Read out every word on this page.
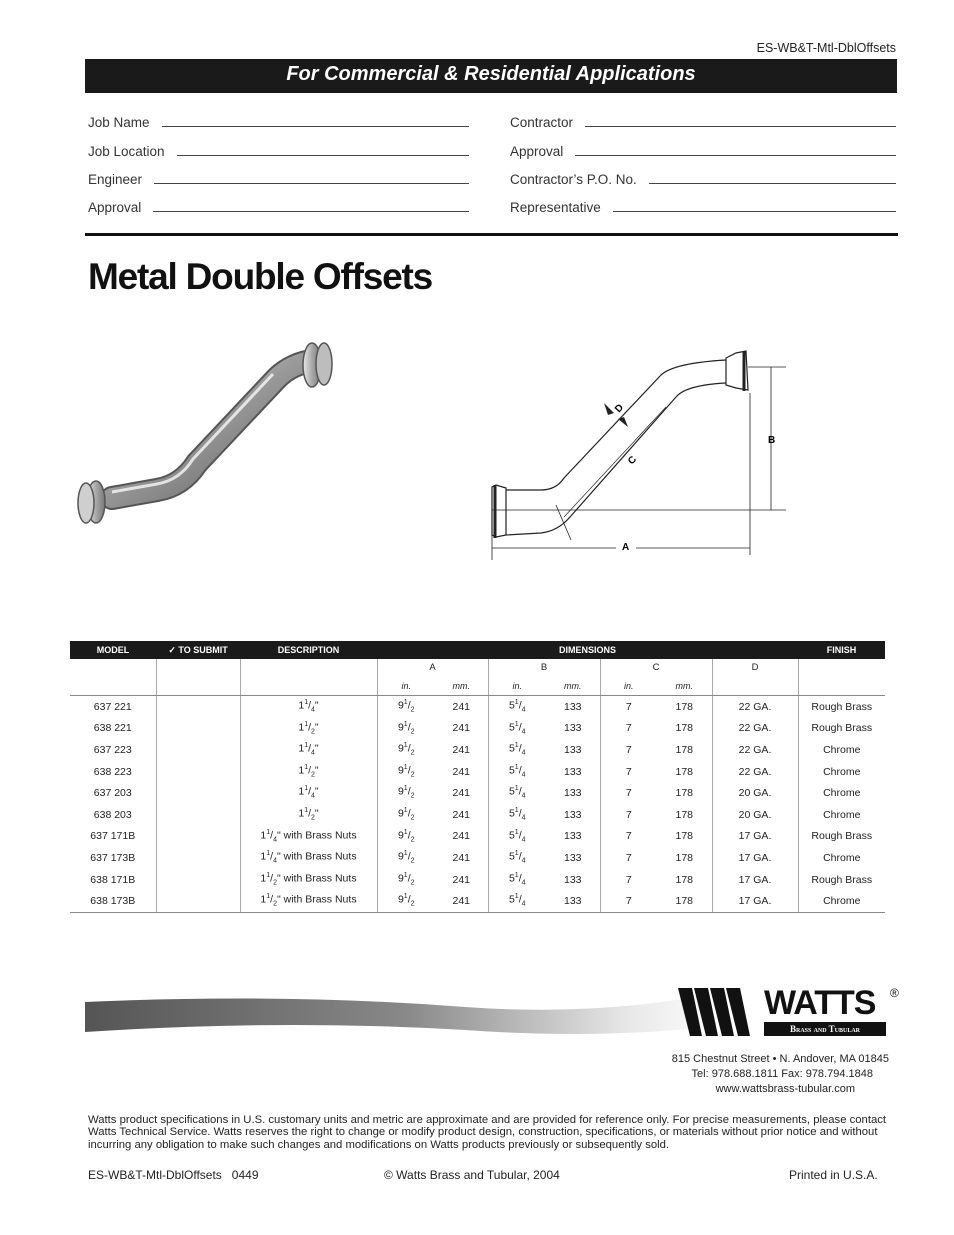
ES-WB&T-Mtl-DblOffsets
For Commercial & Residential Applications
Job Name
Job Location
Engineer
Approval
Contractor
Approval
Contractor’s P.O. No.
Representative
Metal Double Offsets
D
C
B
A
MODEL	✓ TO SUBMIT	DESCRIPTION	DIMENSIONS							FINISH
			A		B		C		D	
			in.	mm.	in.	mm.	in.	mm.		
637 221		$1^1/_4$"	$9^1/_2$	241	$5^1/_4$	133	7	178	22 GA.	Rough Brass
638 221		$1^1/_2$"	$9^1/_2$	241	$5^1/_4$	133	7	178	22 GA.	Rough Brass
637 223		$1^1/_4$"	$9^1/_2$	241	$5^1/_4$	133	7	178	22 GA.	Chrome
638 223		$1^1/_2$"	$9^1/_2$	241	$5^1/_4$	133	7	178	22 GA.	Chrome
637 203		$1^1/_4$"	$9^1/_2$	241	$5^1/_4$	133	7	178	20 GA.	Chrome
638 203		$1^1/_2$"	$9^1/_2$	241	$5^1/_4$	133	7	178	20 GA.	Chrome
637 171B		$1^1/_4$" with Brass Nuts	$9^1/_2$	241	$5^1/_4$	133	7	178	17 GA.	Rough Brass
637 173B		$1^1/_4$" with Brass Nuts	$9^1/_2$	241	$5^1/_4$	133	7	178	17 GA.	Chrome
638 171B		$1^1/_2$" with Brass Nuts	$9^1/_2$	241	$5^1/_4$	133	7	178	17 GA.	Rough Brass
638 173B		$1^1/_2$" with Brass Nuts	$9^1/_2$	241	$5^1/_4$	133	7	178	17 GA.	Chrome
WATTS ®
Brass and Tubular
815 Chestnut Street • N. Andover, MA 01845
Tel: 978.688.1811 Fax: 978.794.1848
www.wattsbrass-tubular.com
Watts product specifications in U.S. customary units and metric are approximate and are provided for reference only. For precise measurements, please contact Watts Technical Service. Watts reserves the right to change or modify product design, construction, specifications, or materials without prior notice and without incurring any obligation to make such changes and modifications on Watts products previously or subsequently sold.
ES-WB&T-Mtl-DblOffsets   0449	© Watts Brass and Tubular, 2004	Printed in U.S.A.
